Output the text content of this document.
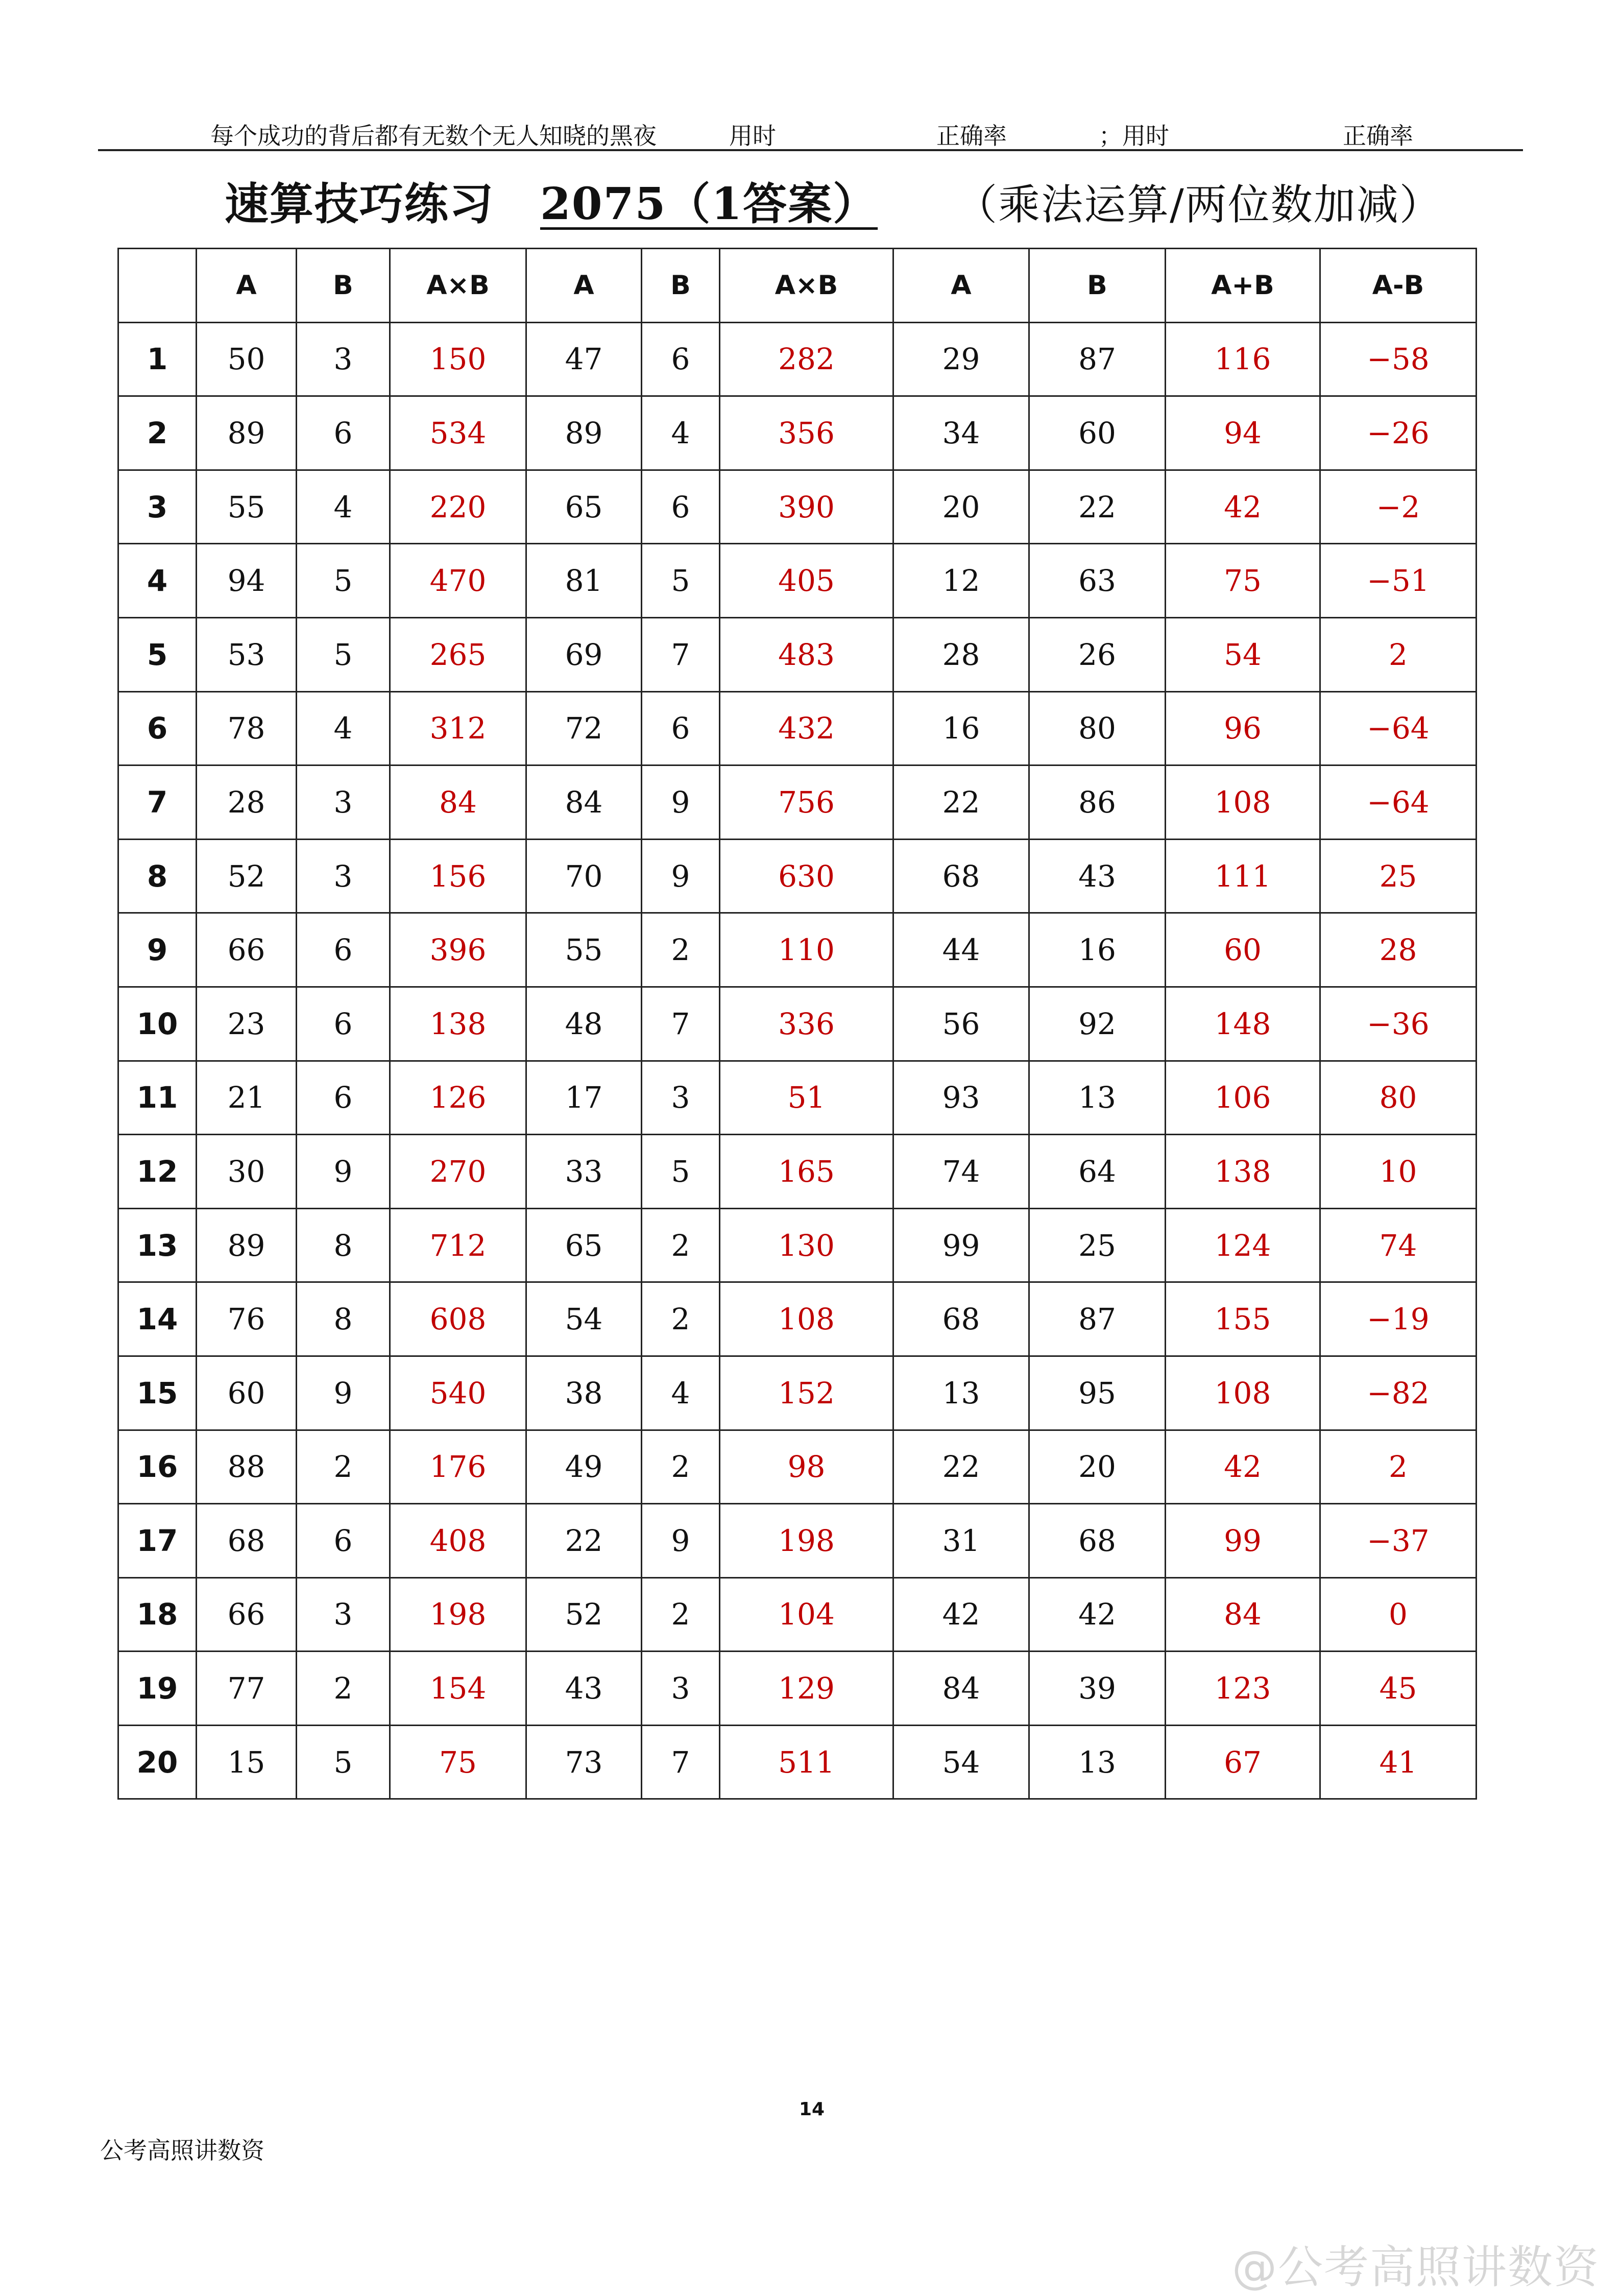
每个成功的背后都有无数个无人知晓的黑夜	用时	正确率	；用时	正确率
速算技巧练习 2075（1答案） （乘法运算/两位数加减）
	A	B	A×B	A	B	A×B	A	B	A+B	A-B
1	50	3	150	47	6	282	29	87	116	−58
2	89	6	534	89	4	356	34	60	94	−26
3	55	4	220	65	6	390	20	22	42	−2
4	94	5	470	81	5	405	12	63	75	−51
5	53	5	265	69	7	483	28	26	54	2
6	78	4	312	72	6	432	16	80	96	−64
7	28	3	84	84	9	756	22	86	108	−64
8	52	3	156	70	9	630	68	43	111	25
9	66	6	396	55	2	110	44	16	60	28
10	23	6	138	48	7	336	56	92	148	−36
11	21	6	126	17	3	51	93	13	106	80
12	30	9	270	33	5	165	74	64	138	10
13	89	8	712	65	2	130	99	25	124	74
14	76	8	608	54	2	108	68	87	155	−19
15	60	9	540	38	4	152	13	95	108	−82
16	88	2	176	49	2	98	22	20	42	2
17	68	6	408	22	9	198	31	68	99	−37
18	66	3	198	52	2	104	42	42	84	0
19	77	2	154	43	3	129	84	39	123	45
20	15	5	75	73	7	511	54	13	67	41
14
公考高照讲数资
@公考高照讲数资
